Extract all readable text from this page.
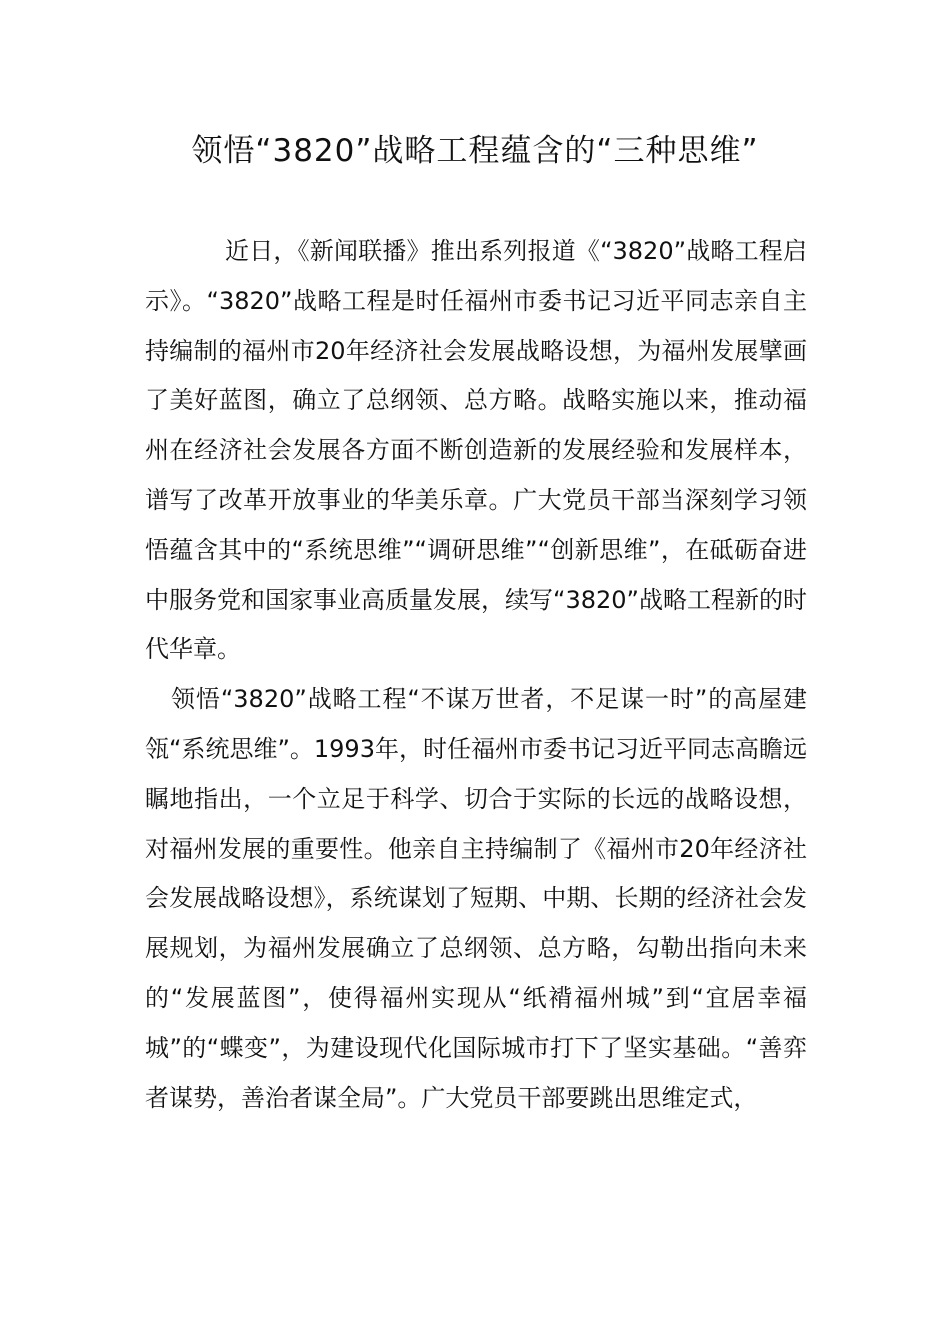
领悟“3820”战略工程蕴含的“三种思维”

近日，《新闻联播》推出系列报道《“3820”战略工程启示》。“3820”战略工程是时任福州市委书记习近平同志亲自主持编制的福州市20年经济社会发展战略设想，为福州发展擘画了美好蓝图，确立了总纲领、总方略。战略实施以来，推动福州在经济社会发展各方面不断创造新的发展经验和发展样本，谱写了改革开放事业的华美乐章。广大党员干部当深刻学习领悟蕴含其中的“系统思维”“调研思维”“创新思维”，在砥砺奋进中服务党和国家事业高质量发展，续写“3820”战略工程新的时代华章。

领悟“3820”战略工程“不谋万世者，不足谋一时”的高屋建瓴“系统思维”。1993年，时任福州市委书记习近平同志高瞻远瞩地指出，一个立足于科学、切合于实际的长远的战略设想，对福州发展的重要性。他亲自主持编制了《福州市20年经济社会发展战略设想》，系统谋划了短期、中期、长期的经济社会发展规划，为福州发展确立了总纲领、总方略，勾勒出指向未来的“发展蓝图”，使得福州实现从“纸褙福州城”到“宜居幸福城”的“蝶变”，为建设现代化国际城市打下了坚实基础。“善弈者谋势，善治者谋全局”。广大党员干部要跳出思维定式，
